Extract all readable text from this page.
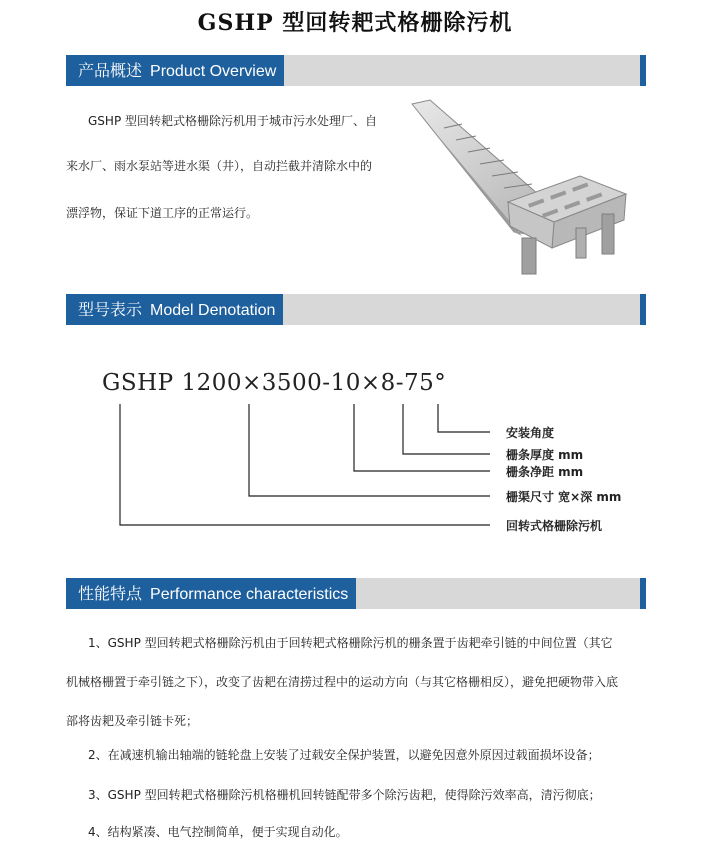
GSHP 型回转耙式格栅除污机
产品概述 Product Overview
GSHP 型回转耙式格栅除污机用于城市污水处理厂、自
来水厂、雨水泵站等进水渠（井），自动拦截并清除水中的
漂浮物，保证下道工序的正常运行。
型号表示 Model Denotation
GSHP 1200×3500-10×8-75°
安装角度
栅条厚度 mm
栅条净距 mm
栅渠尺寸 宽×深 mm
回转式格栅除污机
性能特点 Performance characteristics
1、GSHP 型回转耙式格栅除污机由于回转耙式格栅除污机的栅条置于齿耙牵引链的中间位置（其它
机械格栅置于牵引链之下），改变了齿耙在清捞过程中的运动方向（与其它格栅相反），避免把硬物带入底
部将齿耙及牵引链卡死；
2、在减速机输出轴端的链轮盘上安装了过载安全保护装置，以避免因意外原因过载面损坏设备；
3、GSHP 型回转耙式格栅除污机格栅机回转链配带多个除污齿耙，使得除污效率高，清污彻底；
4、结构紧凑、电气控制简单，便于实现自动化。
